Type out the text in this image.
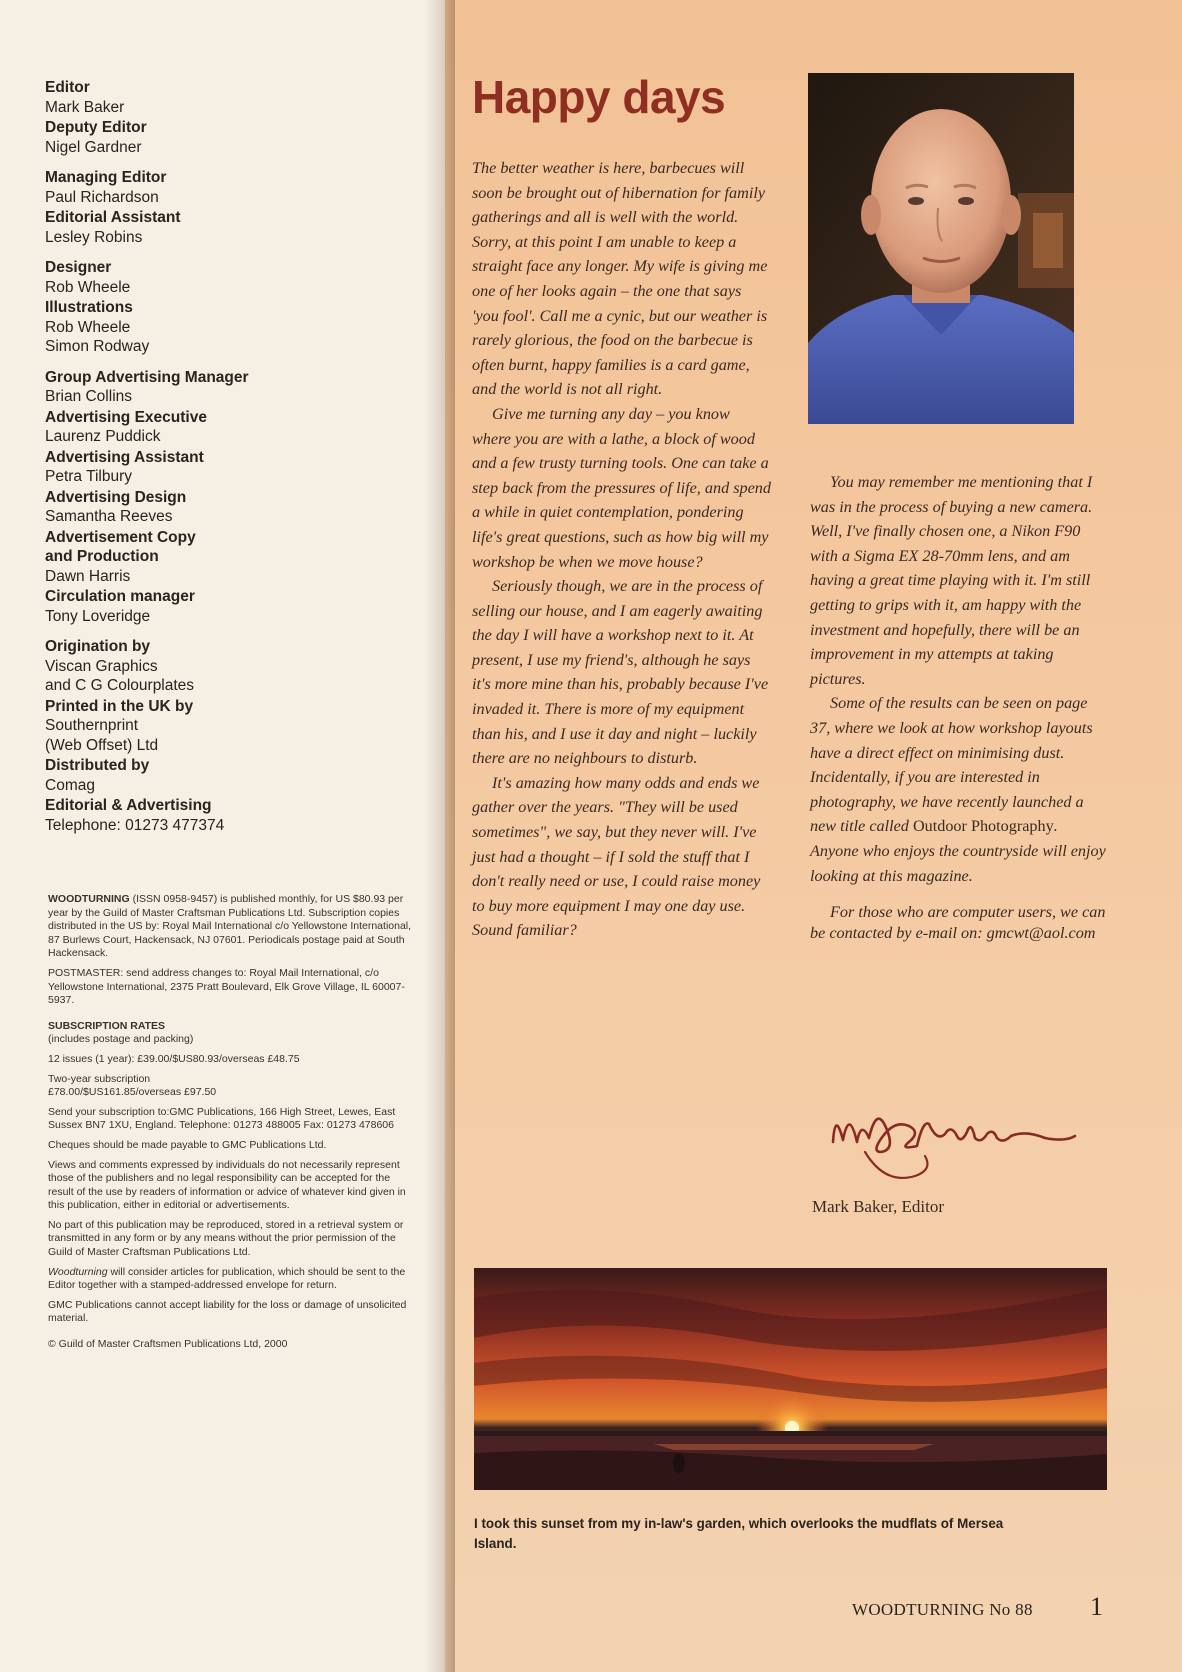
Editor
Mark Baker
Deputy Editor
Nigel Gardner
Managing Editor
Paul Richardson
Editorial Assistant
Lesley Robins
Designer
Rob Wheele
Illustrations
Rob Wheele
Simon Rodway
Group Advertising Manager
Brian Collins
Advertising Executive
Laurenz Puddick
Advertising Assistant
Petra Tilbury
Advertising Design
Samantha Reeves
Advertisement Copy and Production
Dawn Harris
Circulation manager
Tony Loveridge
Origination by
Viscan Graphics
and C G Colourplates
Printed in the UK by
Southernprint
(Web Offset) Ltd
Distributed by
Comag
Editorial & Advertising
Telephone: 01273 477374

WOODTURNING (ISSN 0958-9457) is published monthly, for US $80.93 per year by the Guild of Master Craftsman Publications Ltd. Subscription copies distributed in the US by: Royal Mail International c/o Yellowstone International, 87 Burlews Court, Hackensack, NJ 07601. Periodicals postage paid at South Hackensack.

POSTMASTER: send address changes to: Royal Mail International, c/o Yellowstone International, 2375 Pratt Boulevard, Elk Grove Village, IL 60007-5937.

SUBSCRIPTION RATES
(includes postage and packing)

12 issues (1 year): £39.00/$US80.93/overseas £48.75

Two-year subscription
£78.00/$US161.85/overseas £97.50

Send your subscription to:GMC Publications, 166 High Street, Lewes, East Sussex BN7 1XU, England. Telephone: 01273 488005 Fax: 01273 478606

Cheques should be made payable to GMC Publications Ltd.

Views and comments expressed by individuals do not necessarily represent those of the publishers and no legal responsibility can be accepted for the result of the use by readers of information or advice of whatever kind given in this publication, either in editorial or advertisements.

No part of this publication may be reproduced, stored in a retrieval system or transmitted in any form or by any means without the prior permission of the Guild of Master Craftsman Publications Ltd.

Woodturning will consider articles for publication, which should be sent to the Editor together with a stamped-addressed envelope for return.

GMC Publications cannot accept liability for the loss or damage of unsolicited material.

© Guild of Master Craftsmen Publications Ltd, 2000

Happy days

The better weather is here, barbecues will soon be brought out of hibernation for family gatherings and all is well with the world. Sorry, at this point I am unable to keep a straight face any longer. My wife is giving me one of her looks again – the one that says 'you fool'. Call me a cynic, but our weather is rarely glorious, the food on the barbecue is often burnt, happy families is a card game, and the world is not all right.

Give me turning any day – you know where you are with a lathe, a block of wood and a few trusty turning tools. One can take a step back from the pressures of life, and spend a while in quiet contemplation, pondering life's great questions, such as how big will my workshop be when we move house?

Seriously though, we are in the process of selling our house, and I am eagerly awaiting the day I will have a workshop next to it. At present, I use my friend's, although he says it's more mine than his, probably because I've invaded it. There is more of my equipment than his, and I use it day and night – luckily there are no neighbours to disturb.

It's amazing how many odds and ends we gather over the years. "They will be used sometimes", we say, but they never will. I've just had a thought – if I sold the stuff that I don't really need or use, I could raise money to buy more equipment I may one day use. Sound familiar?

You may remember me mentioning that I was in the process of buying a new camera. Well, I've finally chosen one, a Nikon F90 with a Sigma EX 28-70mm lens, and am having a great time playing with it. I'm still getting to grips with it, am happy with the investment and hopefully, there will be an improvement in my attempts at taking pictures.

Some of the results can be seen on page 37, where we look at how workshop layouts have a direct effect on minimising dust. Incidentally, if you are interested in photography, we have recently launched a new title called Outdoor Photography. Anyone who enjoys the countryside will enjoy looking at this magazine.

For those who are computer users, we can be contacted by e-mail on: gmcwt@aol.com

Mark Baker, Editor
I took this sunset from my in-law's garden, which overlooks the mudflats of Mersea Island.
WOODTURNING No 88 1
